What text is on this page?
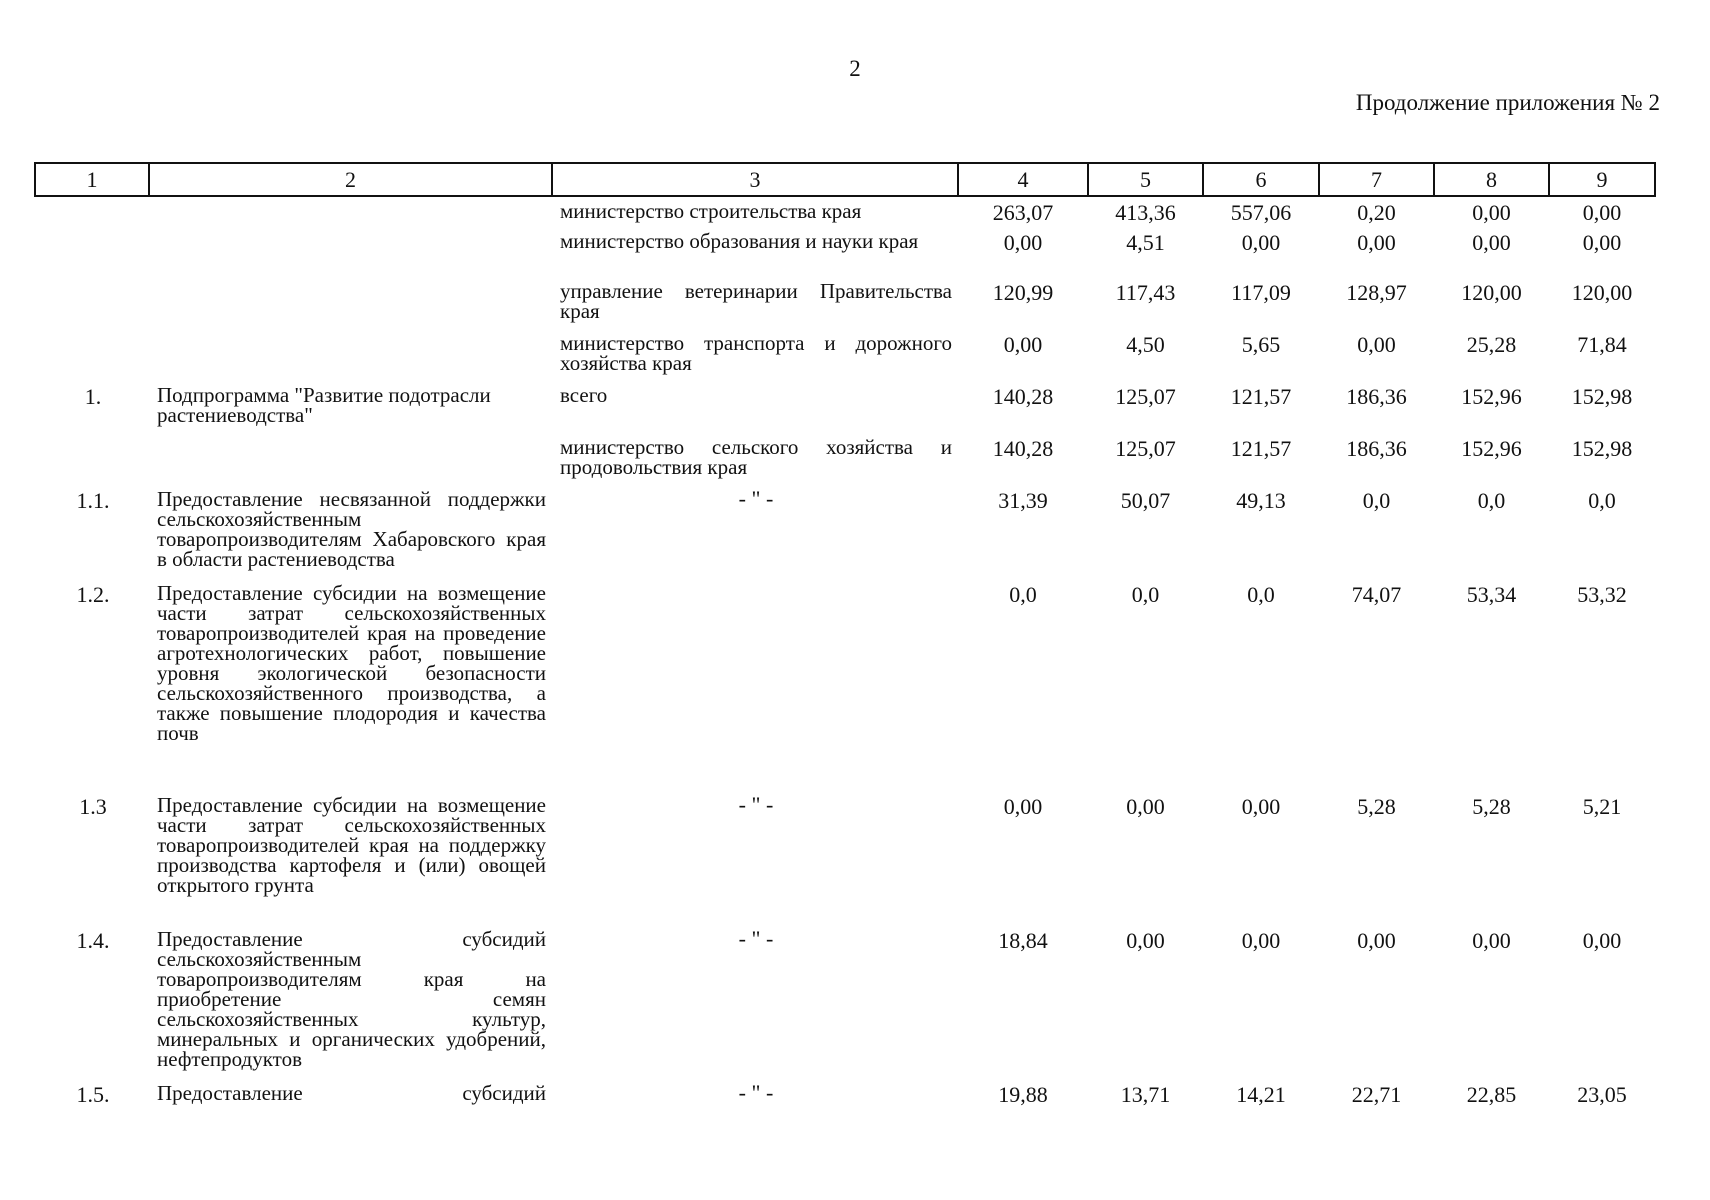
2
Продолжение приложения № 2
1	2	3	4	5	6	7	8	9
		министерство строительства края	263,07	413,36	557,06	0,20	0,00	0,00
		министерство образования и науки края	0,00	4,51	0,00	0,00	0,00	0,00
		управление ветеринарии Правительства края	120,99	117,43	117,09	128,97	120,00	120,00
		министерство транспорта и дорожного хозяйства края	0,00	4,50	5,65	0,00	25,28	71,84
1.	Подпрограмма "Развитие подотрасли растениеводства"	всего	140,28	125,07	121,57	186,36	152,96	152,98
		министерство сельского хозяйства и продовольствия края	140,28	125,07	121,57	186,36	152,96	152,98
1.1.	Предоставление несвязанной поддержки сельскохозяйственным товаропроизводителям Хабаровского края в области растениеводства	- " -	31,39	50,07	49,13	0,0	0,0	0,0
1.2.	Предоставление субсидии на возмещение части затрат сельскохозяйственных товаропроизводителей края на проведение агротехнологических работ, повышение уровня экологической безопасности сельскохозяйственного производства, а также повышение плодородия и качества почв		0,0	0,0	0,0	74,07	53,34	53,32
1.3	Предоставление субсидии на возмещение части затрат сельскохозяйственных товаропроизводителей края на поддержку производства картофеля и (или) овощей открытого грунта	- " -	0,00	0,00	0,00	5,28	5,28	5,21
1.4.	Предоставление субсидий сельскохозяйственным товаропроизводителям края на приобретение семян сельскохозяйственных культур, минеральных и органических удобрений, нефтепродуктов	- " -	18,84	0,00	0,00	0,00	0,00	0,00
1.5.	Предоставление субсидий	- " -	19,88	13,71	14,21	22,71	22,85	23,05
